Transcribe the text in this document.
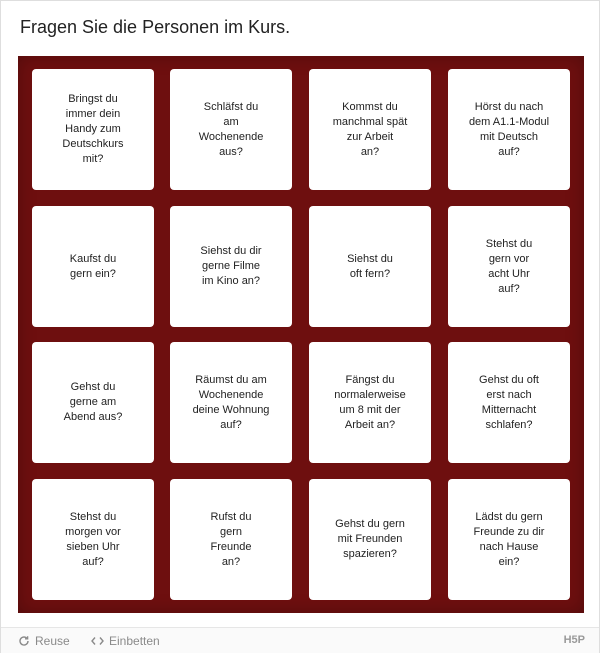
Fragen Sie die Personen im Kurs.
Bringst du
immer dein
Handy zum
Deutschkurs
mit?
Schläfst du
am
Wochenende
aus?
Kommst du
manchmal spät
zur Arbeit
an?
Hörst du nach
dem A1.1-Modul
mit Deutsch
auf?
Kaufst du
gern ein?
Siehst du dir
gerne Filme
im Kino an?
Siehst du
oft fern?
Stehst du
gern vor
acht Uhr
auf?
Gehst du
gerne am
Abend aus?
Räumst du am
Wochenende
deine Wohnung
auf?
Fängst du
normalerweise
um 8 mit der
Arbeit an?
Gehst du oft
erst nach
Mitternacht
schlafen?
Stehst du
morgen vor
sieben Uhr
auf?
Rufst du
gern
Freunde
an?
Gehst du gern
mit Freunden
spazieren?
Lädst du gern
Freunde zu dir
nach Hause
ein?
Reuse	Einbetten	H5P
